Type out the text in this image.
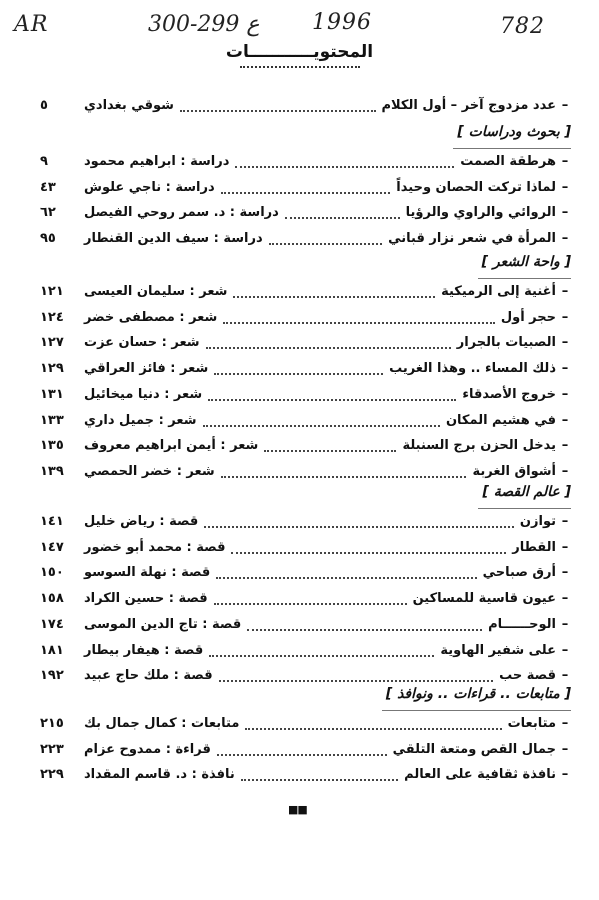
AR	300-299 ع 1996	782
المحتويـــــــــــات
–
عدد مزدوج آخر – أول الكلام
شوقي بغدادي
٥
[ بحوث ودراسات ]
–
هرطقة الصمت
دراسة : ابراهيم محمود
٩
–
لماذا تركت الحصان وحيداً
دراسة : ناجي علوش
٤٣
–
الروائي والراوي والرؤيا
دراسة : د. سمر روحي الفيصل
٦٢
–
المرأة في شعر نزار قباني
دراسة : سيف الدين القنطار
٩٥
[ واحة الشعر ]
–
أغنية إلى الرميكية
شعر : سليمان العيسى
١٢١
–
حجر أول
شعر : مصطفى خضر
١٢٤
–
الصبيات بالجرار
شعر : حسان عزت
١٢٧
–
ذلك المساء .. وهذا الغريب
شعر : فائز العراقي
١٢٩
–
خروج الأصدقاء
شعر : دنيا ميخائيل
١٣١
–
في هشيم المكان
شعر : جميل داري
١٣٣
–
يدخل الحزن برج السنبلة
شعر : أيمن ابراهيم معروف
١٣٥
–
أشواق الغربة
شعر : خضر الحمصي
١٣٩
[ عالم القصة ]
–
توازن
قصة : رياض خليل
١٤١
–
القطار
قصة : محمد أبو خضور
١٤٧
–
أرق صباحي
قصة : نهلة السوسو
١٥٠
–
عيون قاسية للمساكين
قصة : حسين الكراد
١٥٨
–
الوحــــــام
قصة : تاج الدين الموسى
١٧٤
–
على شفير الهاوية
قصة : هيفار بيطار
١٨١
–
قصة حب
قصة : ملك حاج عبيد
١٩٢
[ متابعات .. قراءات .. ونوافذ ]
–
متابعات
متابعات : كمال جمال بك
٢١٥
–
جمال القص ومتعة التلقي
قراءة : ممدوح عزام
٢٢٣
–
نافذة ثقافية على العالم
نافذة : د. قاسم المقداد
٢٢٩
■■
